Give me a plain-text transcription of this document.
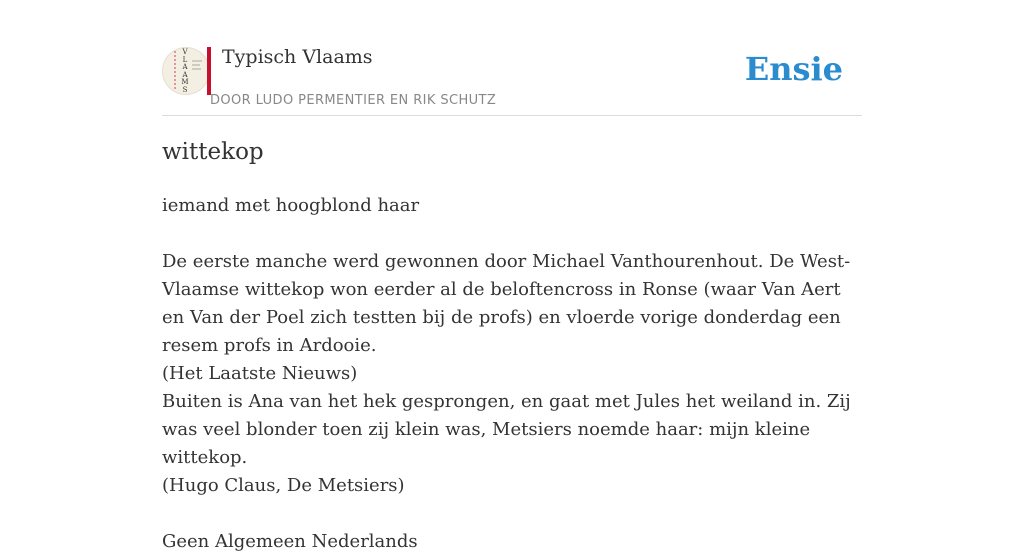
V
L
A
A
M
S
Typisch Vlaams
DOOR LUDO PERMENTIER EN RIK SCHUTZ
Ensie
wittekop

iemand met hoogblond haar

De eerste manche werd gewonnen door Michael Vanthourenhout. De West-Vlaamse wittekop won eerder al de beloftencross in Ronse (waar Van Aert en Van der Poel zich testten bij de profs) en vloerde vorige donderdag een resem profs in Ardooie.

(Het Laatste Nieuws)

Buiten is Ana van het hek gesprongen, en gaat met Jules het weiland in. Zij was veel blonder toen zij klein was, Metsiers noemde haar: mijn kleine wittekop.

(Hugo Claus, De Metsiers)

Geen Algemeen Nederlands
